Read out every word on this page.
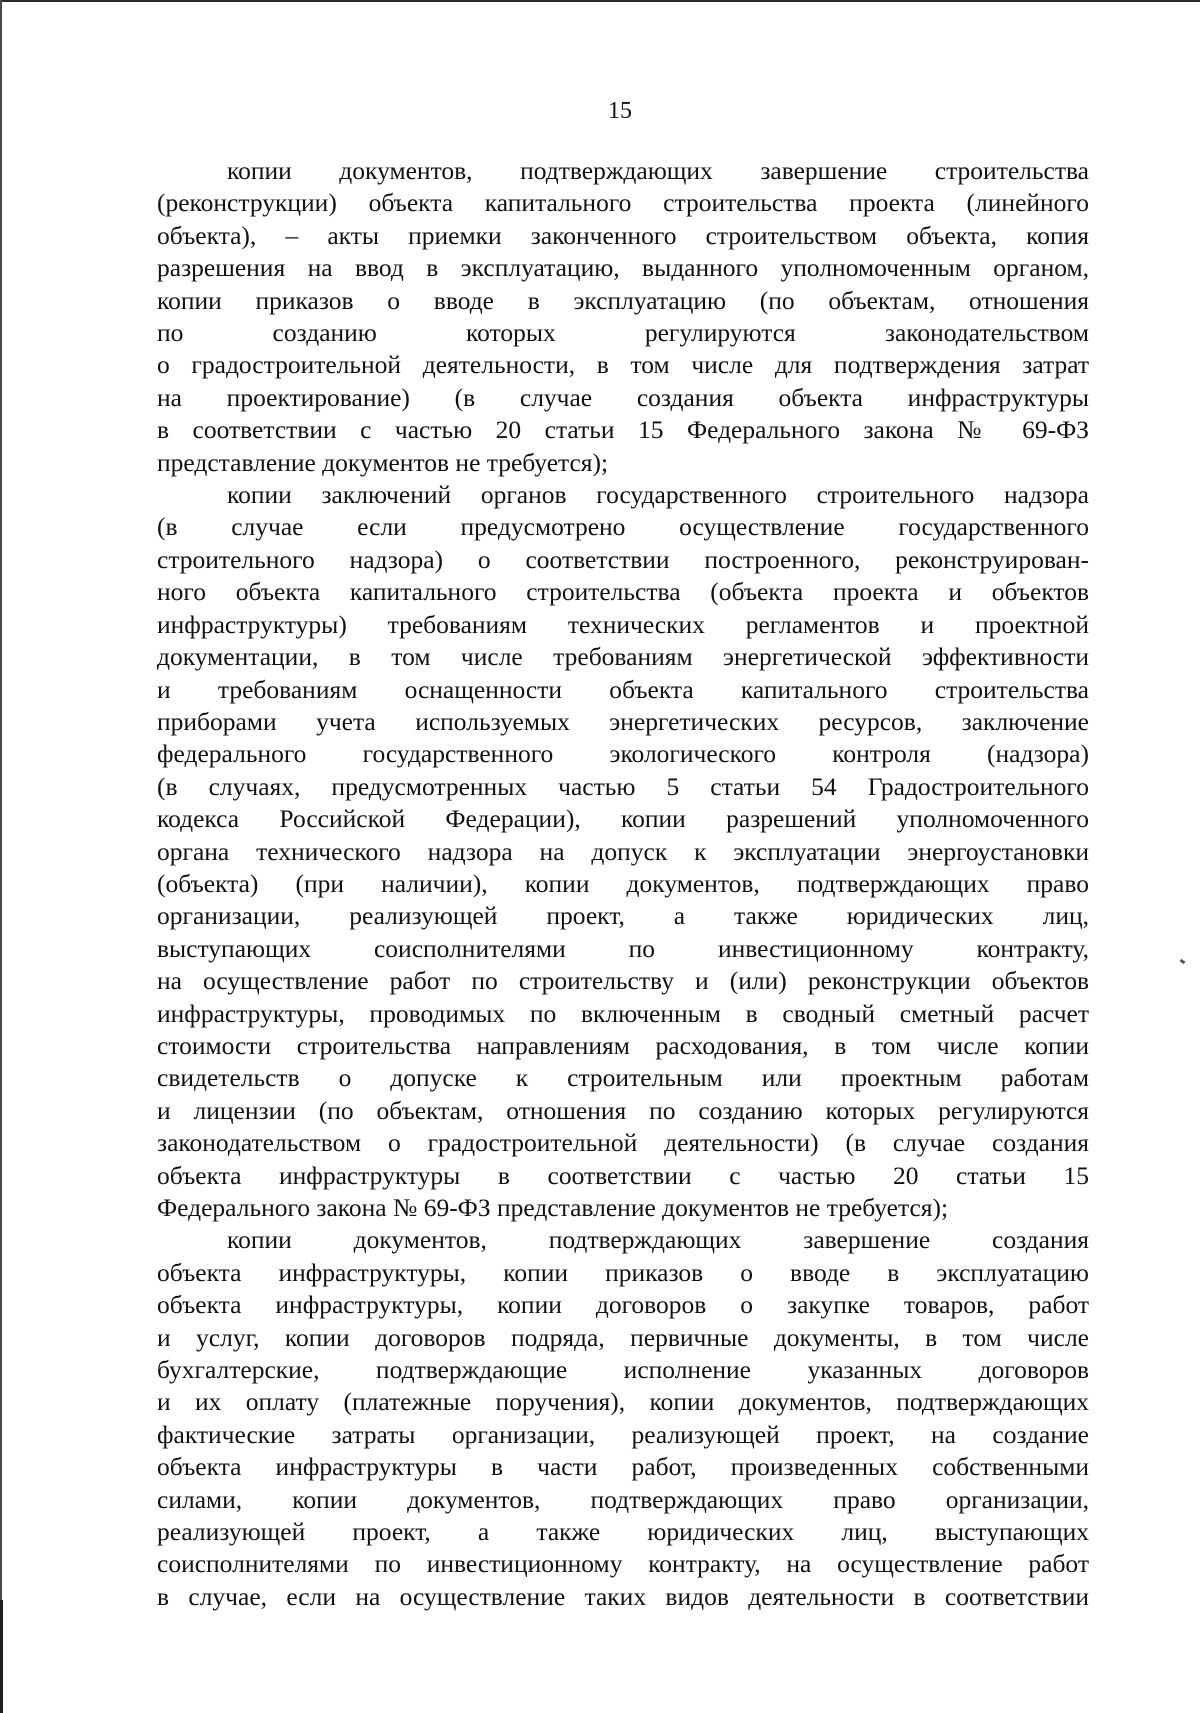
15
копии документов, подтверждающих завершение строительства
(реконструкции) объекта капитального строительства проекта (линейного
объекта), – акты приемки законченного строительством объекта, копия
разрешения на ввод в эксплуатацию, выданного уполномоченным органом,
копии приказов о вводе в эксплуатацию (по объектам, отношения
по созданию которых регулируются законодательством
о градостроительной деятельности, в том числе для подтверждения затрат
на проектирование) (в случае создания объекта инфраструктуры
в соответствии с частью 20 статьи 15 Федерального закона № 69-ФЗ
представление документов не требуется);
копии заключений органов государственного строительного надзора
(в случае если предусмотрено осуществление государственного
строительного надзора) о соответствии построенного, реконструирован-
ного объекта капитального строительства (объекта проекта и объектов
инфраструктуры) требованиям технических регламентов и проектной
документации, в том числе требованиям энергетической эффективности
и требованиям оснащенности объекта капитального строительства
приборами учета используемых энергетических ресурсов, заключение
федерального государственного экологического контроля (надзора)
(в случаях, предусмотренных частью 5 статьи 54 Градостроительного
кодекса Российской Федерации), копии разрешений уполномоченного
органа технического надзора на допуск к эксплуатации энергоустановки
(объекта) (при наличии), копии документов, подтверждающих право
организации, реализующей проект, а также юридических лиц,
выступающих соисполнителями по инвестиционному контракту,
на осуществление работ по строительству и (или) реконструкции объектов
инфраструктуры, проводимых по включенным в сводный сметный расчет
стоимости строительства направлениям расходования, в том числе копии
свидетельств о допуске к строительным или проектным работам
и лицензии (по объектам, отношения по созданию которых регулируются
законодательством о градостроительной деятельности) (в случае создания
объекта инфраструктуры в соответствии с частью 20 статьи 15
Федерального закона № 69-ФЗ представление документов не требуется);
копии документов, подтверждающих завершение создания
объекта инфраструктуры, копии приказов о вводе в эксплуатацию
объекта инфраструктуры, копии договоров о закупке товаров, работ
и услуг, копии договоров подряда, первичные документы, в том числе
бухгалтерские, подтверждающие исполнение указанных договоров
и их оплату (платежные поручения), копии документов, подтверждающих
фактические затраты организации, реализующей проект, на создание
объекта инфраструктуры в части работ, произведенных собственными
силами, копии документов, подтверждающих право организации,
реализующей проект, а также юридических лиц, выступающих
соисполнителями по инвестиционному контракту, на осуществление работ
в случае, если на осуществление таких видов деятельности в соответствии
